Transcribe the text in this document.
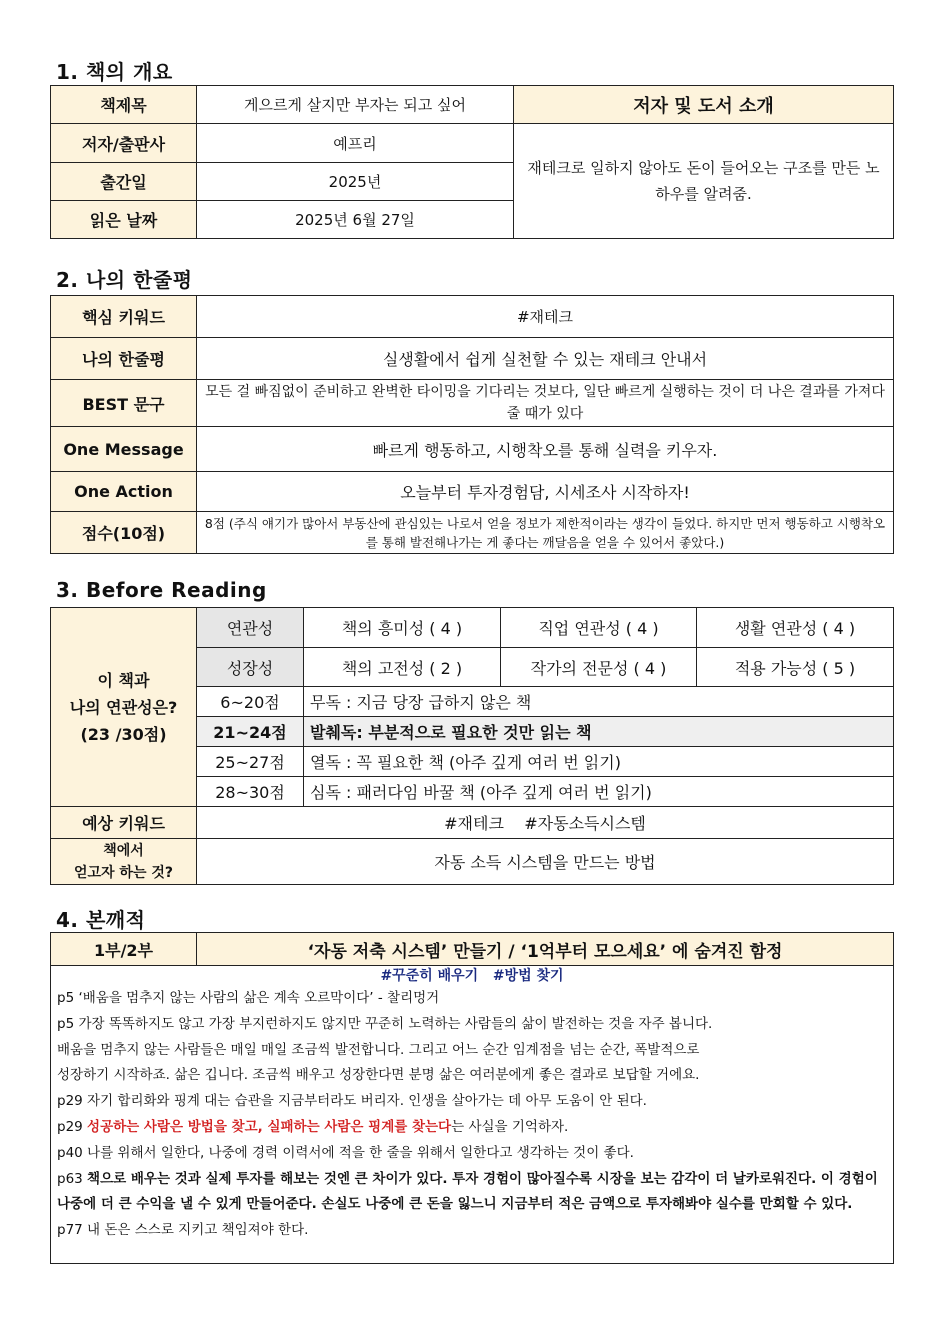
1. 책의 개요
책제목	게으르게 살지만 부자는 되고 싶어	저자 및 도서 소개
저자/출판사	예프리	재테크로 일하지 않아도 돈이 들어오는 구조를 만든 노하우를 알려줌.
출간일	2025년	
읽은 날짜	2025년 6월 27일	
2. 나의 한줄평
핵심 키워드	#재테크
나의 한줄평	실생활에서 쉽게 실천할 수 있는 재테크 안내서
BEST 문구	모든 걸 빠짐없이 준비하고 완벽한 타이밍을 기다리는 것보다, 일단 빠르게 실행하는 것이 더 나은 결과를 가져다 줄 때가 있다
One Message	빠르게 행동하고, 시행착오를 통해 실력을 키우자.
One Action	오늘부터 투자경험담, 시세조사 시작하자!
점수(10점)	8점 (주식 얘기가 많아서 부동산에 관심있는 나로서 얻을 정보가 제한적이라는 생각이 들었다. 하지만 먼저 행동하고 시행착오를 통해 발전해나가는 게 좋다는 깨달음을 얻을 수 있어서 좋았다.)
3. Before Reading
이 책과
나의 연관성은?
(23 /30점)	연관성	책의 흥미성 ( 4 )	직업 연관성 ( 4 )	생활 연관성 ( 4 )
	성장성	책의 고전성 ( 2 )	작가의 전문성 ( 4 )	적용 가능성 ( 5 )
	6~20점	무독 : 지금 당장 급하지 않은 책		
	21~24점	발췌독: 부분적으로 필요한 것만 읽는 책		
	25~27점	열독 : 꼭 필요한 책 (아주 깊게 여러 번 읽기)		
	28~30점	심독 : 패러다임 바꿀 책 (아주 깊게 여러 번 읽기)		
예상 키워드	#재테크    #자동소득시스템			

책에서
얻고자 하는 것?	자동 소득 시스템을 만드는 방법			
4. 본깨적
1부/2부	‘자동 저축 시스템’ 만들기 / ‘1억부터 모으세요’ 에 숨겨진 함정

#꾸준히 배우기   #방법 찾기
p5 ‘배움을 멈추지 않는 사람의 삶은 계속 오르막이다’ - 찰리멍거
p5 가장 똑똑하지도 않고 가장 부지런하지도 않지만 꾸준히 노력하는 사람들의 삶이 발전하는 것을 자주 봅니다.
배움을 멈추지 않는 사람들은 매일 매일 조금씩 발전합니다. 그리고 어느 순간 임계점을 넘는 순간, 폭발적으로
성장하기 시작하죠. 삶은 깁니다. 조금씩 배우고 성장한다면 분명 삶은 여러분에게 좋은 결과로 보답할 거에요.
p29 자기 합리화와 핑계 대는 습관을 지금부터라도 버리자. 인생을 살아가는 데 아무 도움이 안 된다.
p29 성공하는 사람은 방법을 찾고, 실패하는 사람은 핑계를 찾는다는 사실을 기억하자.
p40 나를 위해서 일한다, 나중에 경력 이력서에 적을 한 줄을 위해서 일한다고 생각하는 것이 좋다.
p63 책으로 배우는 것과 실제 투자를 해보는 것엔 큰 차이가 있다. 투자 경험이 많아질수록 시장을 보는 감각이 더 날카로워진다. 이 경험이 나중에 더 큰 수익을 낼 수 있게 만들어준다. 손실도 나중에 큰 돈을 잃느니 지금부터 적은 금액으로 투자해봐야 실수를 만회할 수 있다.
p77 내 돈은 스스로 지키고 책임져야 한다.
